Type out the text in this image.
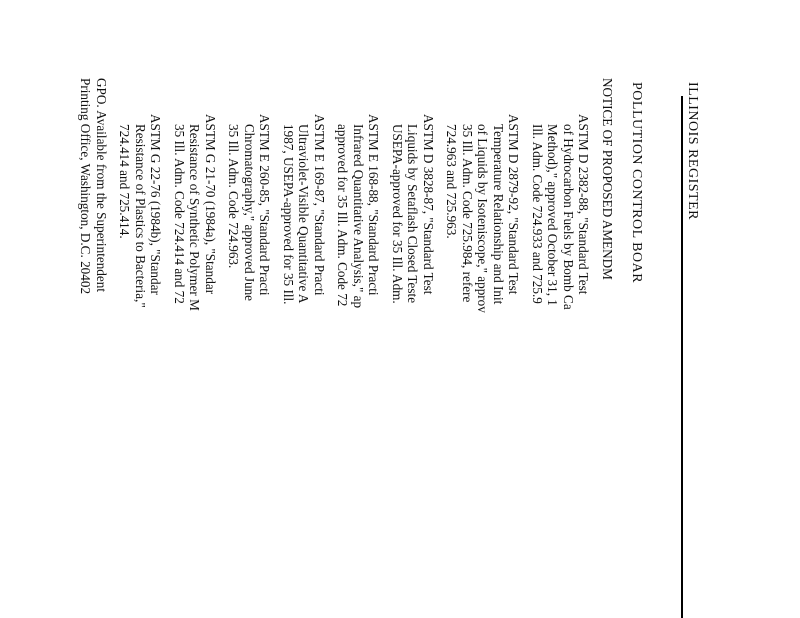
ILLINOIS REGISTER
POLLUTION CONTROL BOAR
NOTICE OF PROPOSED AMENDM
ASTM D 2382-88, "Standard Test
of Hydrocarbon Fuels by Bomb Ca
Method)," approved October 31, 1
Ill. Adm. Code 724.933 and 725.9
ASTM D 2879-92, "Standard Test
Temperature Relationship and Init
of Liquids by Isoteniscope," approv
35 Ill. Adm. Code 725.984, refere
724.963 and 725.963.
ASTM D 3828-87, "Standard Test
Liquids by Setaflash Closed Teste
USEPA-approved for 35 Ill. Adm.
ASTM E 168-88, "Standard Practi
Infrared Quantitative Analysis," ap
approved for 35 Ill. Adm. Code 72
ASTM E 169-87, "Standard Practi
Ultraviolet-Visible Quantitative A
1987, USEPA-approved for 35 Ill.
ASTM E 260-85, "Standard Practi
Chromatography," approved June
35 Ill. Adm. Code 724.963.
ASTM G 21-70 (1984a), "Standar
Resistance of Synthetic Polymer M
35 Ill. Adm. Code 724.414 and 72
ASTM G 22-76 (1984b), "Standar
Resistance of Plastics to Bacteria,"
724.414 and 725.414.
GPO. Available from the Superintendent
Printing Office, Washington, D.C. 20402
